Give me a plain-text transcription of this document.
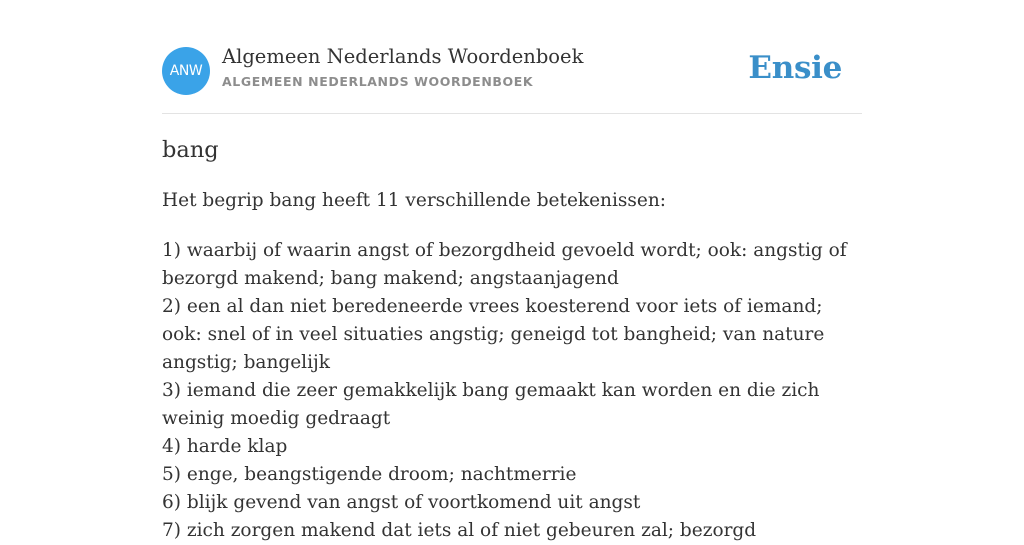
ANW
Algemeen Nederlands Woordenboek
ALGEMEEN NEDERLANDS WOORDENBOEK	Ensie
bang

Het begrip bang heeft 11 verschillende betekenissen:

1) waarbij of waarin angst of bezorgdheid gevoeld wordt; ook: angstig of bezorgd makend; bang makend; angstaanjagend
2) een al dan niet beredeneerde vrees koesterend voor iets of iemand; ook: snel of in veel situaties angstig; geneigd tot bangheid; van nature angstig; bangelijk
3) iemand die zeer gemakkelijk bang gemaakt kan worden en die zich weinig moedig gedraagt
4) harde klap
5) enge, beangstigende droom; nachtmerrie
6) blijk gevend van angst of voortkomend uit angst
7) zich zorgen makend dat iets al of niet gebeuren zal; bezorgd
